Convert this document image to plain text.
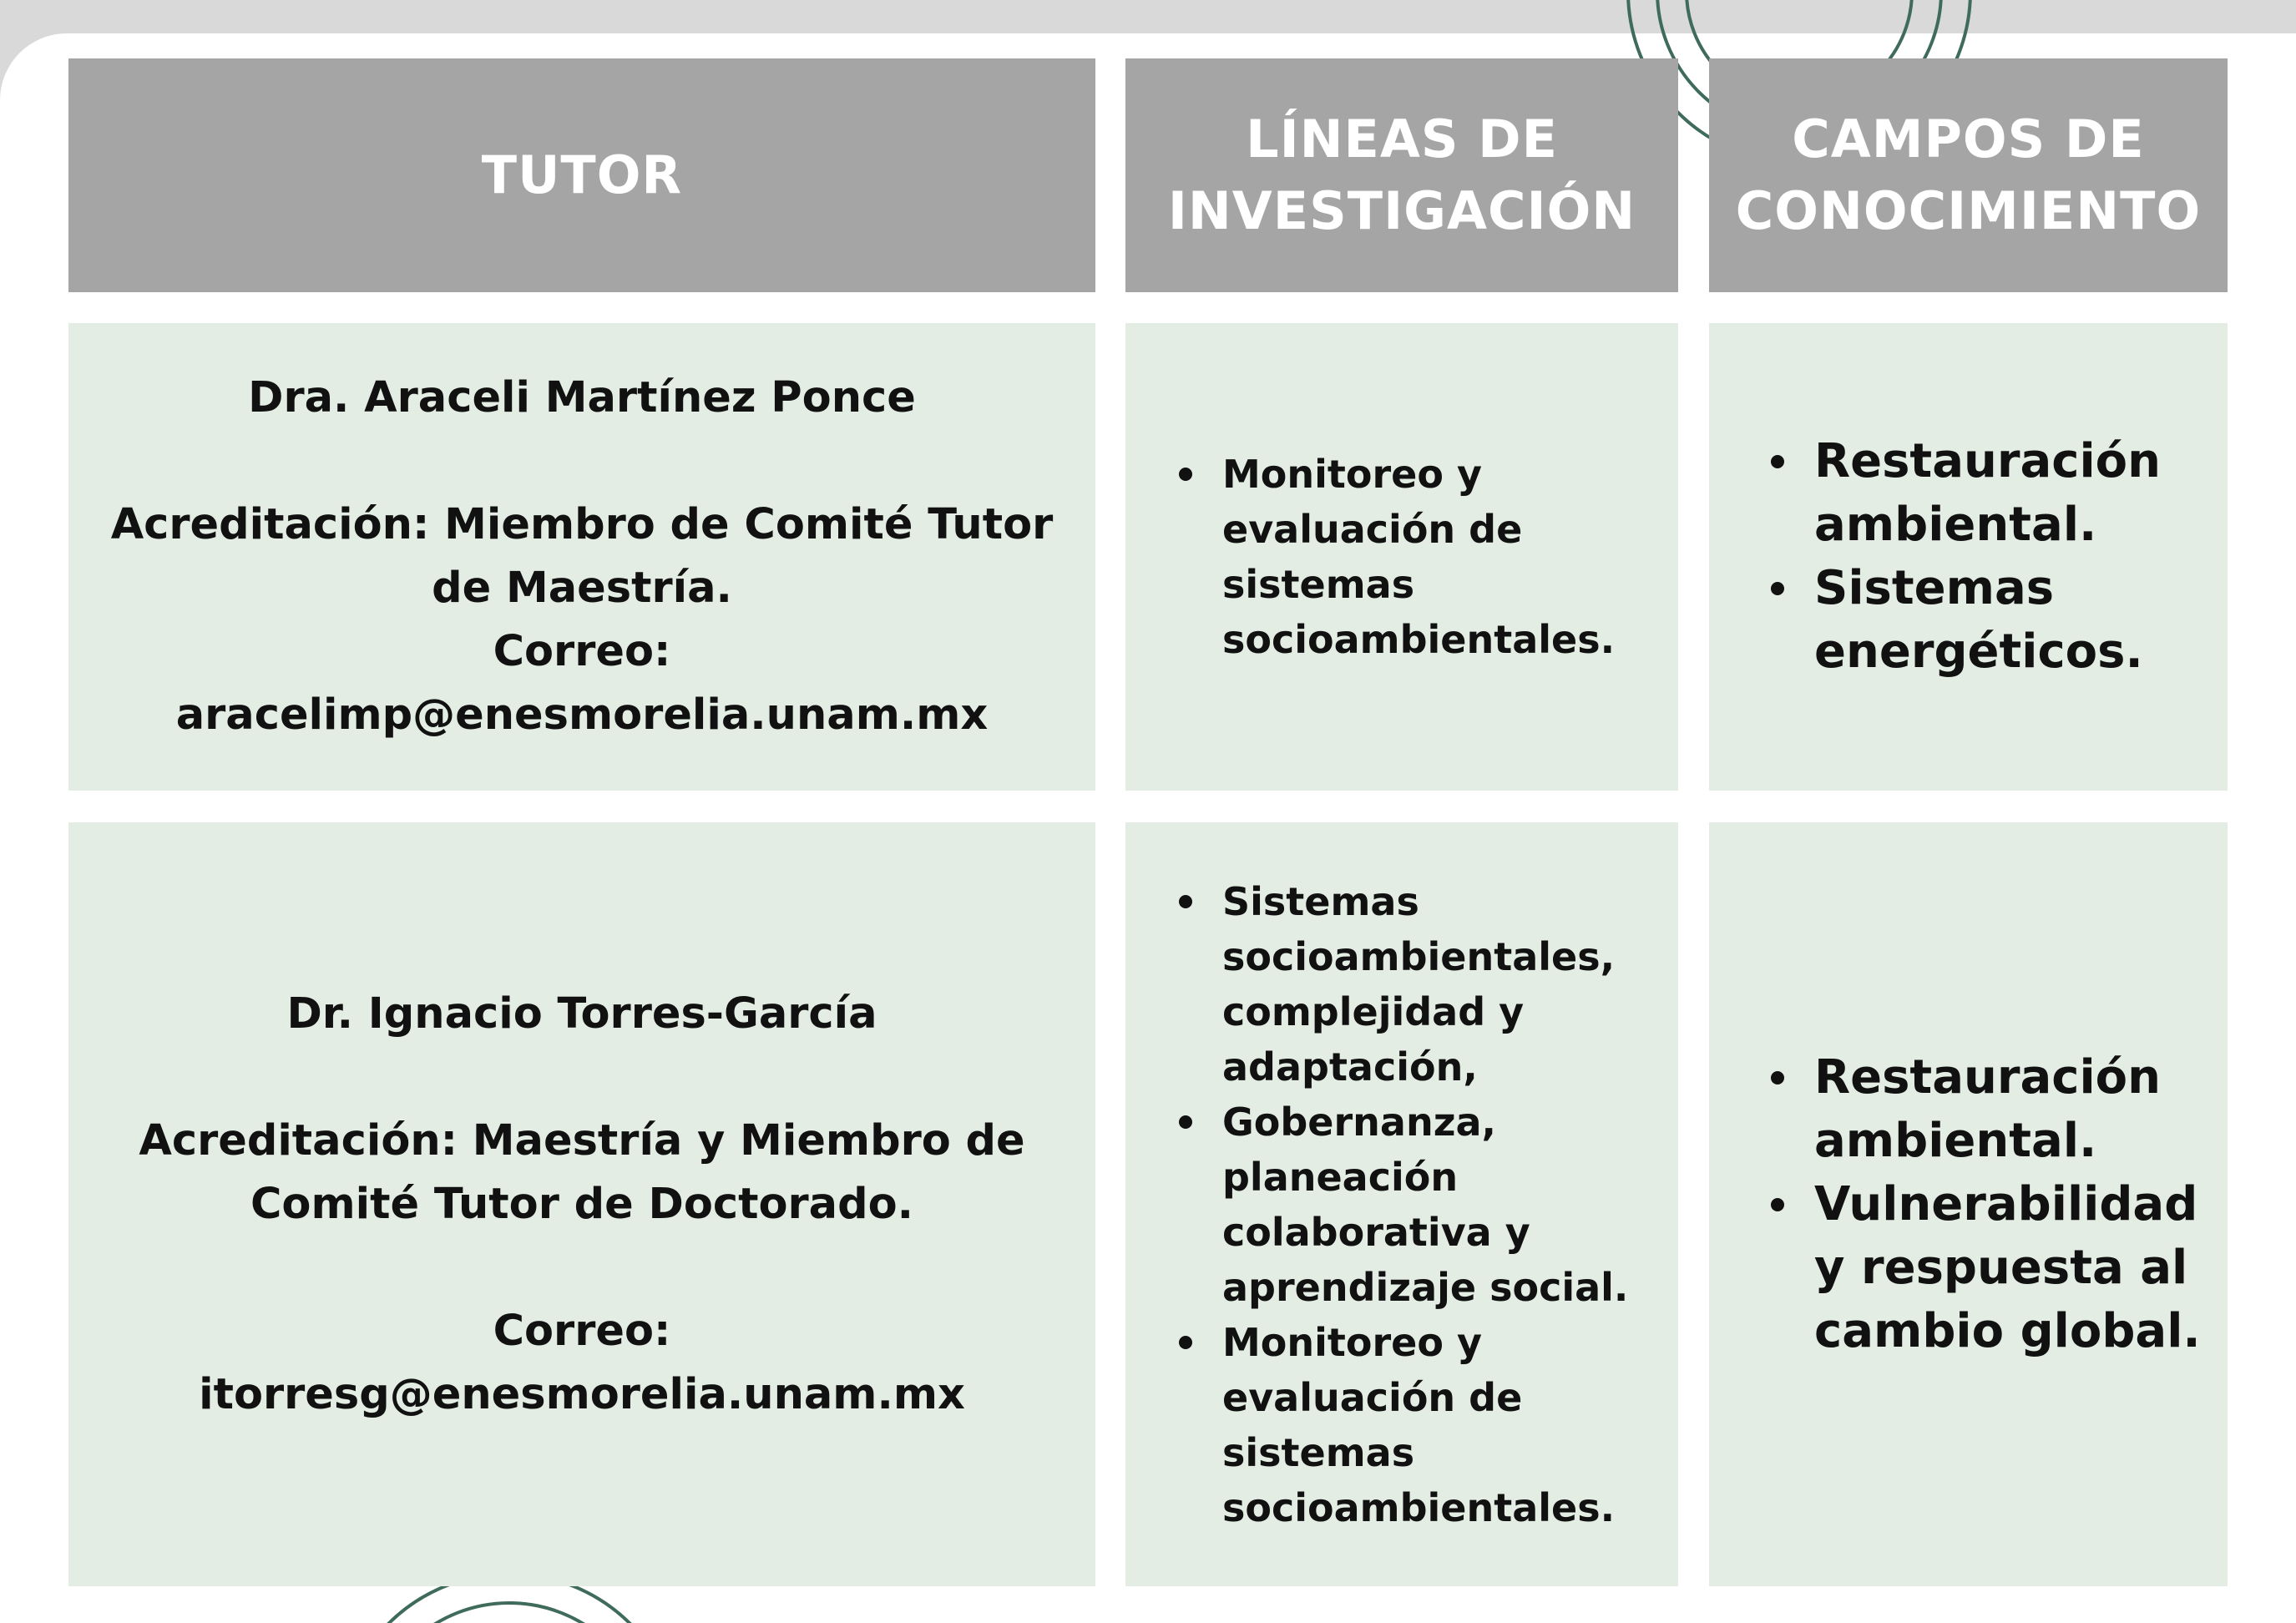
TUTOR
LÍNEAS DE
INVESTIGACIÓN
CAMPOS DE
CONOCIMIENTO
Dra. Araceli Martínez Ponce
Acreditación: Miembro de Comité Tutor
de Maestría.
Correo:
aracelimp@enesmorelia.unam.mx
Monitoreo y
evaluación de
sistemas
socioambientales.
Restauración
ambiental.
Sistemas
energéticos.
Dr. Ignacio Torres-García
Acreditación: Maestría y Miembro de
Comité Tutor de Doctorado.
Correo:
itorresg@enesmorelia.unam.mx
Sistemas
socioambientales,
complejidad y
adaptación,
Gobernanza,
planeación
colaborativa y
aprendizaje social.
Monitoreo y
evaluación de
sistemas
socioambientales.
Restauración
ambiental.
Vulnerabilidad
y respuesta al
cambio global.
